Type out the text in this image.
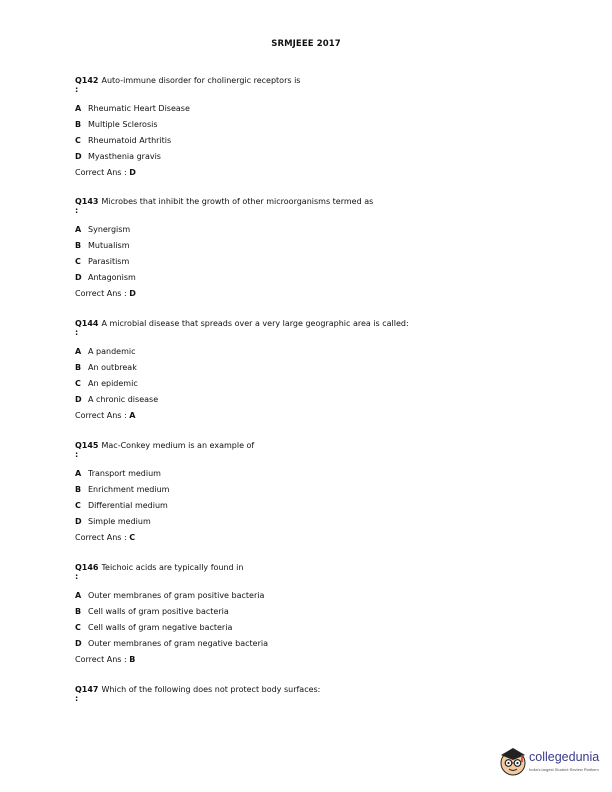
SRMJEEE 2017
Q142 Auto-immune disorder for cholinergic receptors is
:
A Rheumatic Heart Disease
B Multiple Sclerosis
C Rheumatoid Arthritis
D Myasthenia gravis
Correct Ans : D
Q143 Microbes that inhibit the growth of other microorganisms termed as
:
A Synergism
B Mutualism
C Parasitism
D Antagonism
Correct Ans : D
Q144 A microbial disease that spreads over a very large geographic area is called:
:
A A pandemic
B An outbreak
C An epidemic
D A chronic disease
Correct Ans : A
Q145 Mac-Conkey medium is an example of
:
A Transport medium
B Enrichment medium
C Differential medium
D Simple medium
Correct Ans : C
Q146 Teichoic acids are typically found in
:
A Outer membranes of gram positive bacteria
B Cell walls of gram positive bacteria
C Cell walls of gram negative bacteria
D Outer membranes of gram negative bacteria
Correct Ans : B
Q147 Which of the following does not protect body surfaces:
:
collegedunia
India's largest Student Review Platform
